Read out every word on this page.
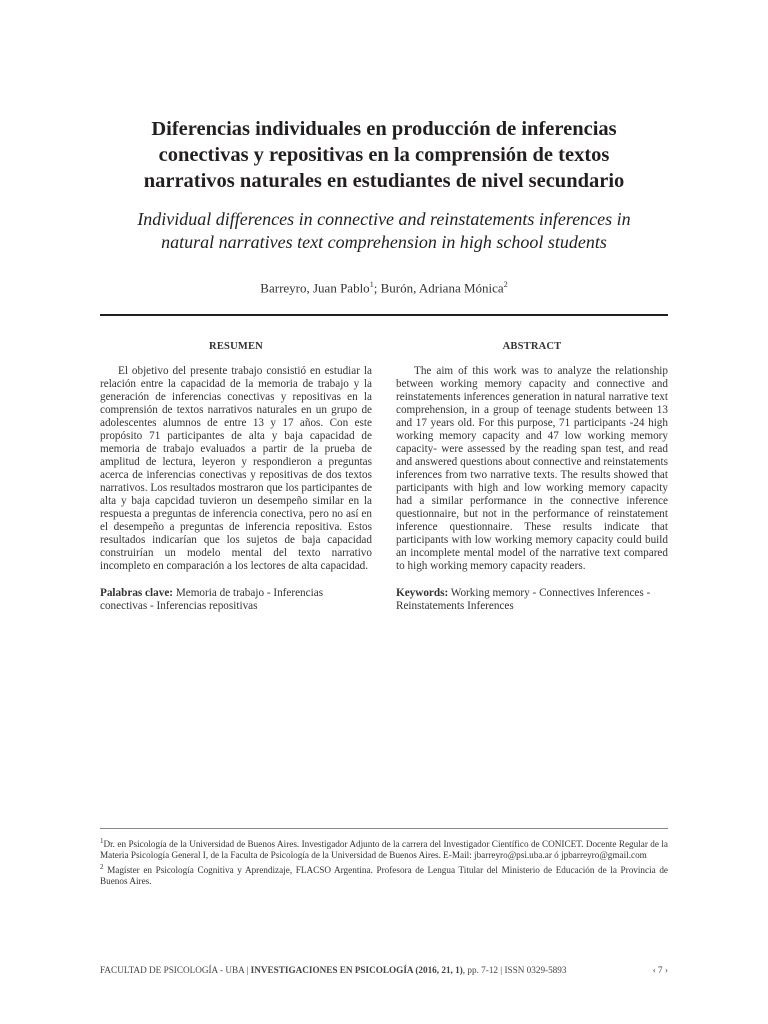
Diferencias individuales en producción de inferencias
conectivas y repositivas en la comprensión de textos
narrativos naturales en estudiantes de nivel secundario
Individual differences in connective and reinstatements inferences in
natural narratives text comprehension in high school students
Barreyro, Juan Pablo$^1$; Burón, Adriana Mónica$^2$
RESUMEN

El objetivo del presente trabajo consistió en estudiar la relación entre la capacidad de la memoria de trabajo y la generación de inferencias conectivas y repositivas en la comprensión de textos narrativos naturales en un grupo de adolescentes alumnos de entre 13 y 17 años. Con este propósito 71 participantes de alta y baja capacidad de memoria de trabajo evaluados a partir de la prueba de amplitud de lectura, leyeron y respondieron a preguntas acerca de inferencias conectivas y repositivas de dos textos narrativos. Los resultados mostraron que los participantes de alta y baja capcidad tuvieron un desempeño similar en la respuesta a preguntas de inferencia conectiva, pero no así en el desempeño a preguntas de inferencia repositiva. Estos resultados indicarían que los sujetos de baja capacidad construirían un modelo mental del texto narrativo incompleto en comparación a los lectores de alta capacidad.

Palabras clave: Memoria de trabajo - Inferencias conectivas - Inferencias repositivas

ABSTRACT

The aim of this work was to analyze the relationship between working memory capacity and connective and reinstatements inferences generation in natural narrative text comprehension, in a group of teenage students between 13 and 17 years old. For this purpose, 71 participants -24 high working memory capacity and 47 low working memory capacity- were assessed by the reading span test, and read and answered questions about connective and reinstatements inferences from two narrative texts. The results showed that participants with high and low working memory capacity had a similar performance in the connective inference questionnaire, but not in the performance of reinstatement inference questionnaire. These results indicate that participants with low working memory capacity could build an incomplete mental model of the narrative text compared to high working memory capacity readers.

Keywords: Working memory - Connectives Inferences - Reinstatements Inferences

$^1$Dr. en Psicología de la Universidad de Buenos Aires. Investigador Adjunto de la carrera del Investigador Científico de CONICET. Docente Regular de la Materia Psicología General I, de la Faculta de Psicología de la Universidad de Buenos Aires. E-Mail: jbarreyro@psi.uba.ar ó jpbarreyro@gmail.com

$^2$ Magíster en Psicología Cognitiva y Aprendizaje, FLACSO Argentina. Profesora de Lengua Titular del Ministerio de Educación de la Provincia de Buenos Aires.

FACULTAD DE PSICOLOGÍA - UBA | INVESTIGACIONES EN PSICOLOGÍA (2016, 21, 1), pp. 7-12 | ISSN 0329-5893	‹ 7 ›
